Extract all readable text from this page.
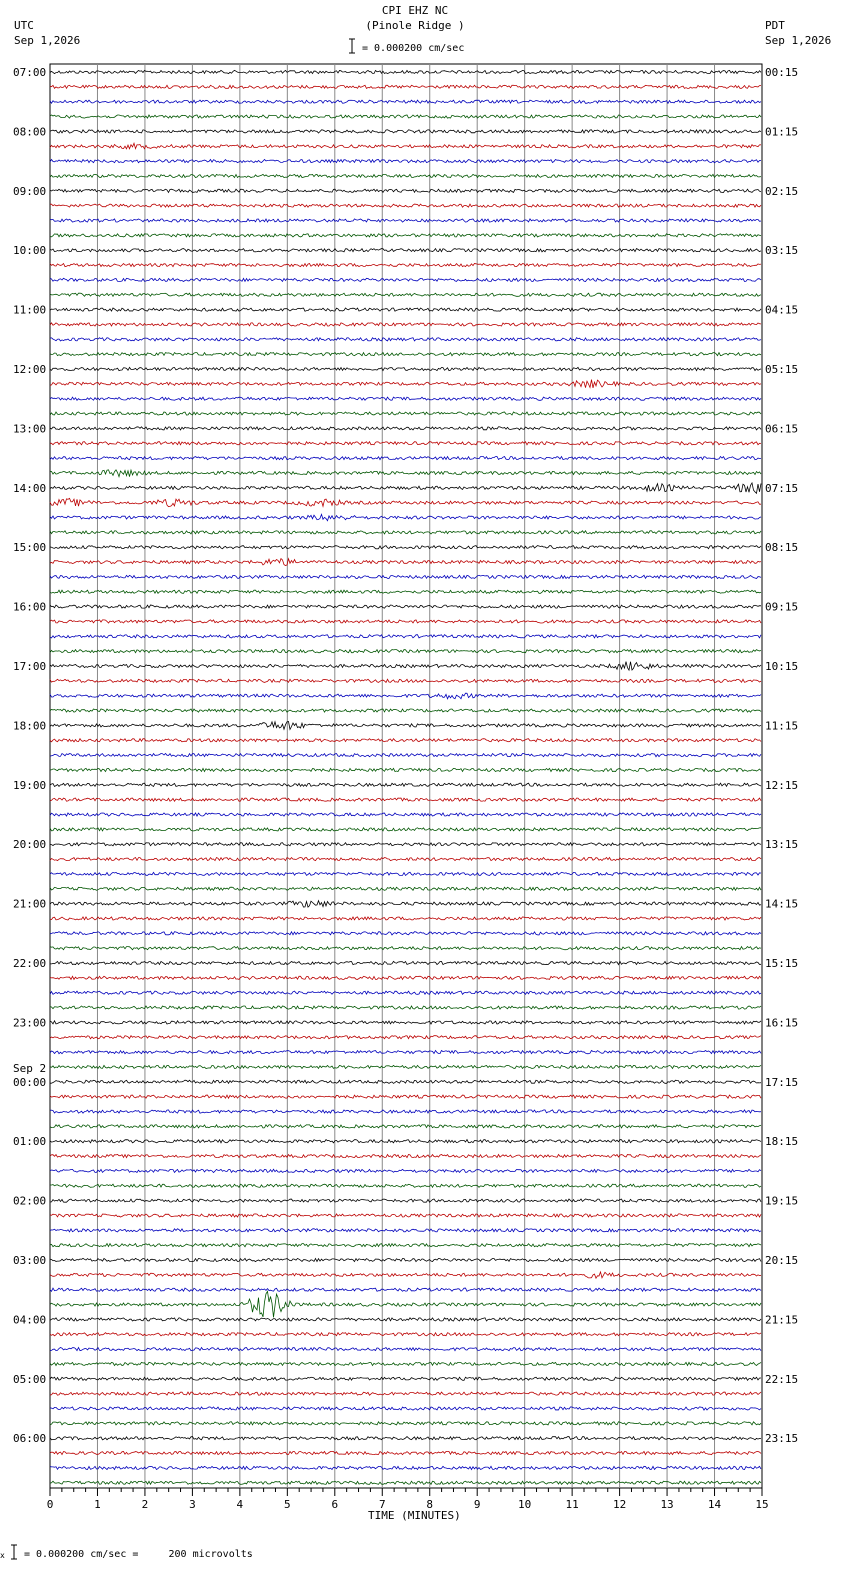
CPI EHZ NC
(Pinole Ridge )
UTC
Sep 1,2026
PDT
Sep 1,2026
= 0.000200 cm/sec
TIME (MINUTES)
x = 0.000200 cm/sec =     200 microvolts
0	1	2	3	4	5	6	7	8	9	10	11	12	13	14	15
07:00	00:15
08:00	01:15
09:00	02:15
10:00	03:15
11:00	04:15
12:00	05:15
13:00	06:15
14:00	07:15
15:00	08:15
16:00	09:15
17:00	10:15
18:00	11:15
19:00	12:15
20:00	13:15
21:00	14:15
22:00	15:15
23:00	16:15
00:00	17:15
01:00	18:15
02:00	19:15
03:00	20:15
04:00	21:15
05:00	22:15
06:00	23:15
Sep 2
